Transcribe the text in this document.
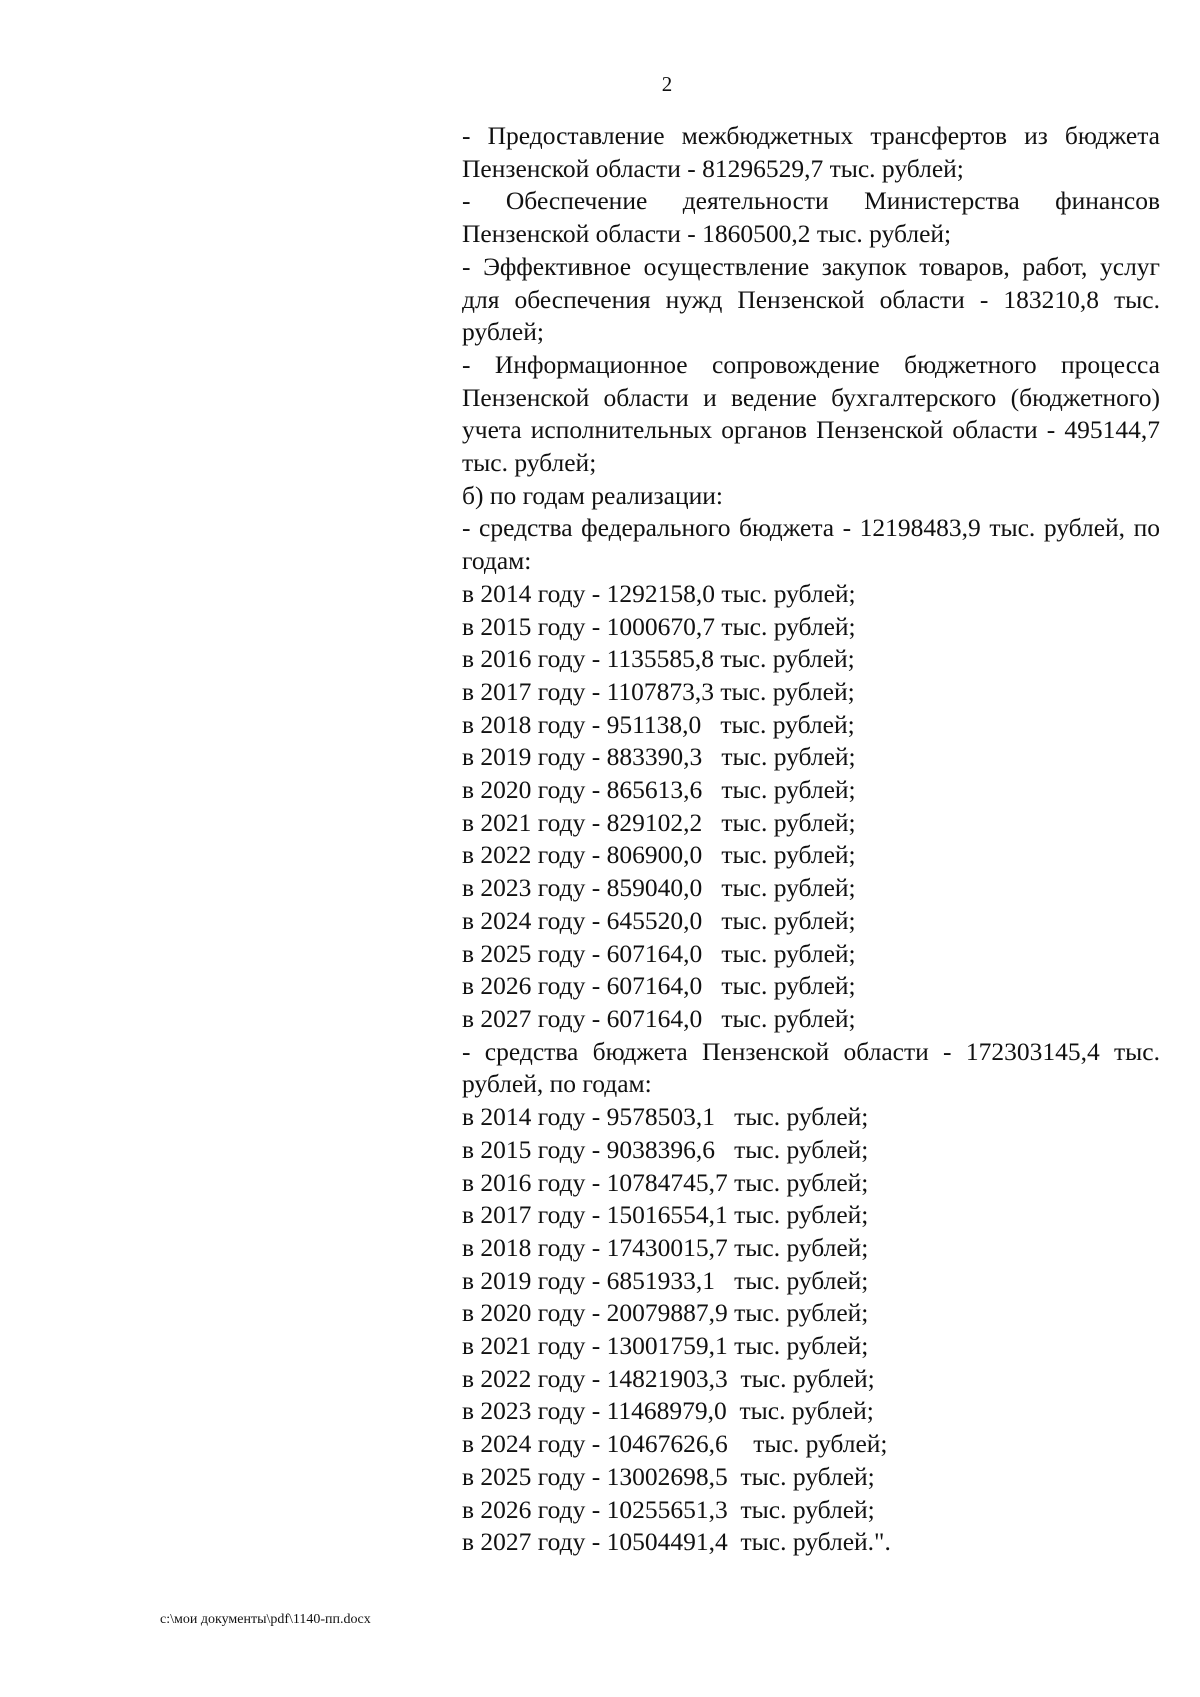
2
- Предоставление межбюджетных трансфертов из бюджета Пензенской области - 81296529,7 тыс. рублей;
- Обеспечение деятельности Министерства финансов Пензенской области - 1860500,2 тыс. рублей;
- Эффективное осуществление закупок товаров, работ, услуг для обеспечения нужд Пензенской области - 183210,8 тыс. рублей;
- Информационное сопровождение бюджетного процесса Пензенской области и ведение бухгалтерского (бюджетного) учета исполнительных органов Пензенской области - 495144,7 тыс. рублей;
б) по годам реализации:
- средства федерального бюджета - 12198483,9 тыс. рублей, по годам:
в 2014 году - 1292158,0 тыс. рублей;
в 2015 году - 1000670,7 тыс. рублей;
в 2016 году - 1135585,8 тыс. рублей;
в 2017 году - 1107873,3 тыс. рублей;
в 2018 году - 951138,0   тыс. рублей;
в 2019 году - 883390,3   тыс. рублей;
в 2020 году - 865613,6   тыс. рублей;
в 2021 году - 829102,2   тыс. рублей;
в 2022 году - 806900,0   тыс. рублей;
в 2023 году - 859040,0   тыс. рублей;
в 2024 году - 645520,0   тыс. рублей;
в 2025 году - 607164,0   тыс. рублей;
в 2026 году - 607164,0   тыс. рублей;
в 2027 году - 607164,0   тыс. рублей;
- средства бюджета Пензенской области - 172303145,4 тыс. рублей, по годам:
в 2014 году - 9578503,1   тыс. рублей;
в 2015 году - 9038396,6   тыс. рублей;
в 2016 году - 10784745,7 тыс. рублей;
в 2017 году - 15016554,1 тыс. рублей;
в 2018 году - 17430015,7 тыс. рублей;
в 2019 году - 6851933,1   тыс. рублей;
в 2020 году - 20079887,9 тыс. рублей;
в 2021 году - 13001759,1 тыс. рублей;
в 2022 году - 14821903,3  тыс. рублей;
в 2023 году - 11468979,0  тыс. рублей;
в 2024 году - 10467626,6    тыс. рублей;
в 2025 году - 13002698,5  тыс. рублей;
в 2026 году - 10255651,3  тыс. рублей;
в 2027 году - 10504491,4  тыс. рублей.".
c:\мои документы\pdf\1140-пп.docx
